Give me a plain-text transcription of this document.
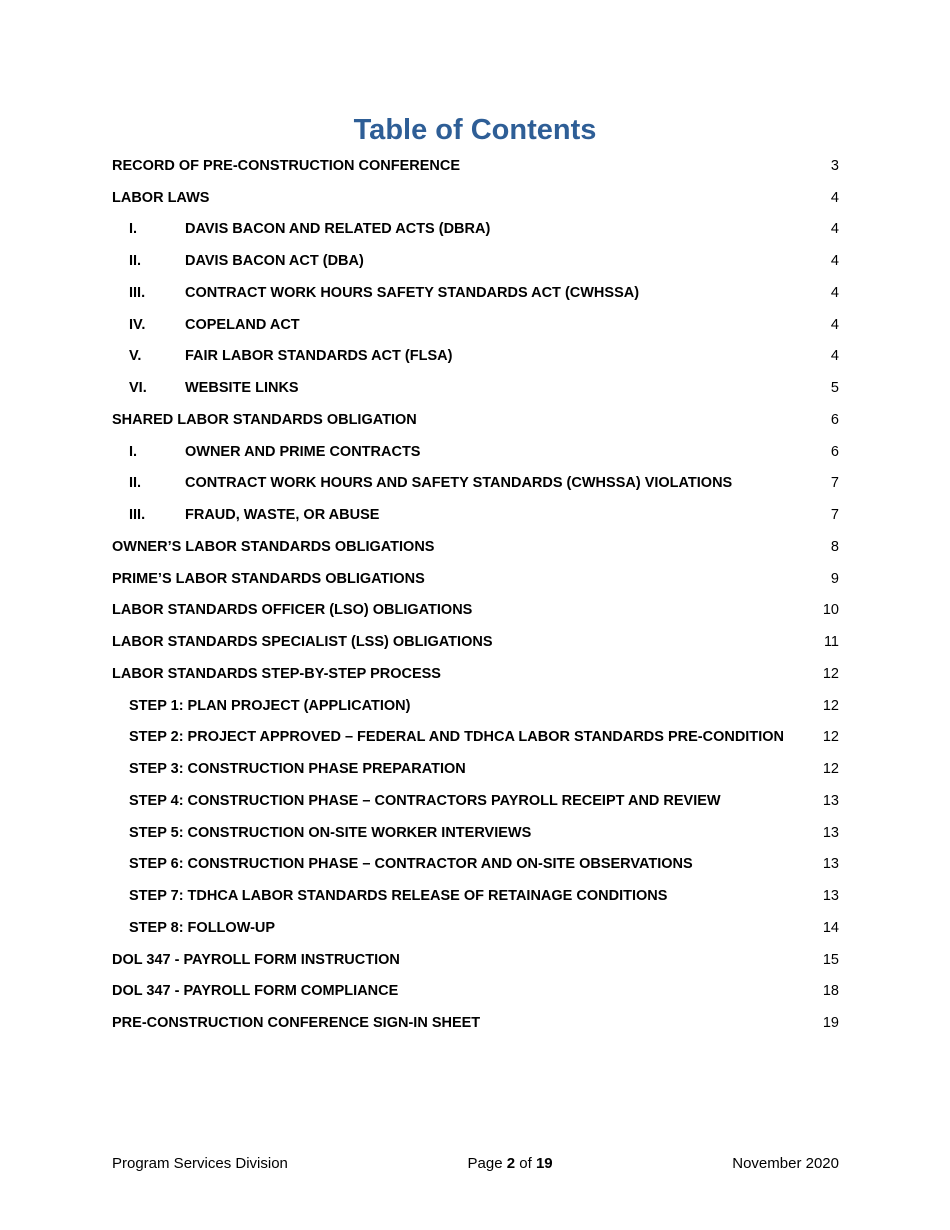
Table of Contents
RECORD OF PRE-CONSTRUCTION CONFERENCE	3
LABOR LAWS	4
I.	DAVIS BACON AND RELATED ACTS (DBRA)	4
II.	DAVIS BACON ACT (DBA)	4
III.	CONTRACT WORK HOURS SAFETY STANDARDS ACT (CWHSSA)	4
IV.	COPELAND ACT	4
V.	FAIR LABOR STANDARDS ACT (FLSA)	4
VI.	WEBSITE LINKS	5
SHARED LABOR STANDARDS OBLIGATION	6
I.	OWNER AND PRIME CONTRACTS	6
II.	CONTRACT WORK HOURS AND SAFETY STANDARDS (CWHSSA) VIOLATIONS	7
III.	FRAUD, WASTE, OR ABUSE	7
OWNER’S LABOR STANDARDS OBLIGATIONS	8
PRIME’S LABOR STANDARDS OBLIGATIONS	9
LABOR STANDARDS OFFICER (LSO) OBLIGATIONS	10
LABOR STANDARDS SPECIALIST (LSS) OBLIGATIONS	11
LABOR STANDARDS STEP-BY-STEP PROCESS	12
STEP 1: PLAN PROJECT (APPLICATION)	12
STEP 2: PROJECT APPROVED – FEDERAL AND TDHCA LABOR STANDARDS PRE-CONDITION	12
STEP 3: CONSTRUCTION PHASE PREPARATION	12
STEP 4: CONSTRUCTION PHASE – CONTRACTORS PAYROLL RECEIPT AND REVIEW	13
STEP 5: CONSTRUCTION ON-SITE WORKER INTERVIEWS	13
STEP 6: CONSTRUCTION PHASE – CONTRACTOR AND ON-SITE OBSERVATIONS	13
STEP 7: TDHCA LABOR STANDARDS RELEASE OF RETAINAGE CONDITIONS	13
STEP 8: FOLLOW-UP	14
DOL 347 - PAYROLL FORM INSTRUCTION	15
DOL 347 - PAYROLL FORM COMPLIANCE	18
PRE-CONSTRUCTION CONFERENCE SIGN-IN SHEET	19
Program Services Division	Page 2 of 19	November 2020
